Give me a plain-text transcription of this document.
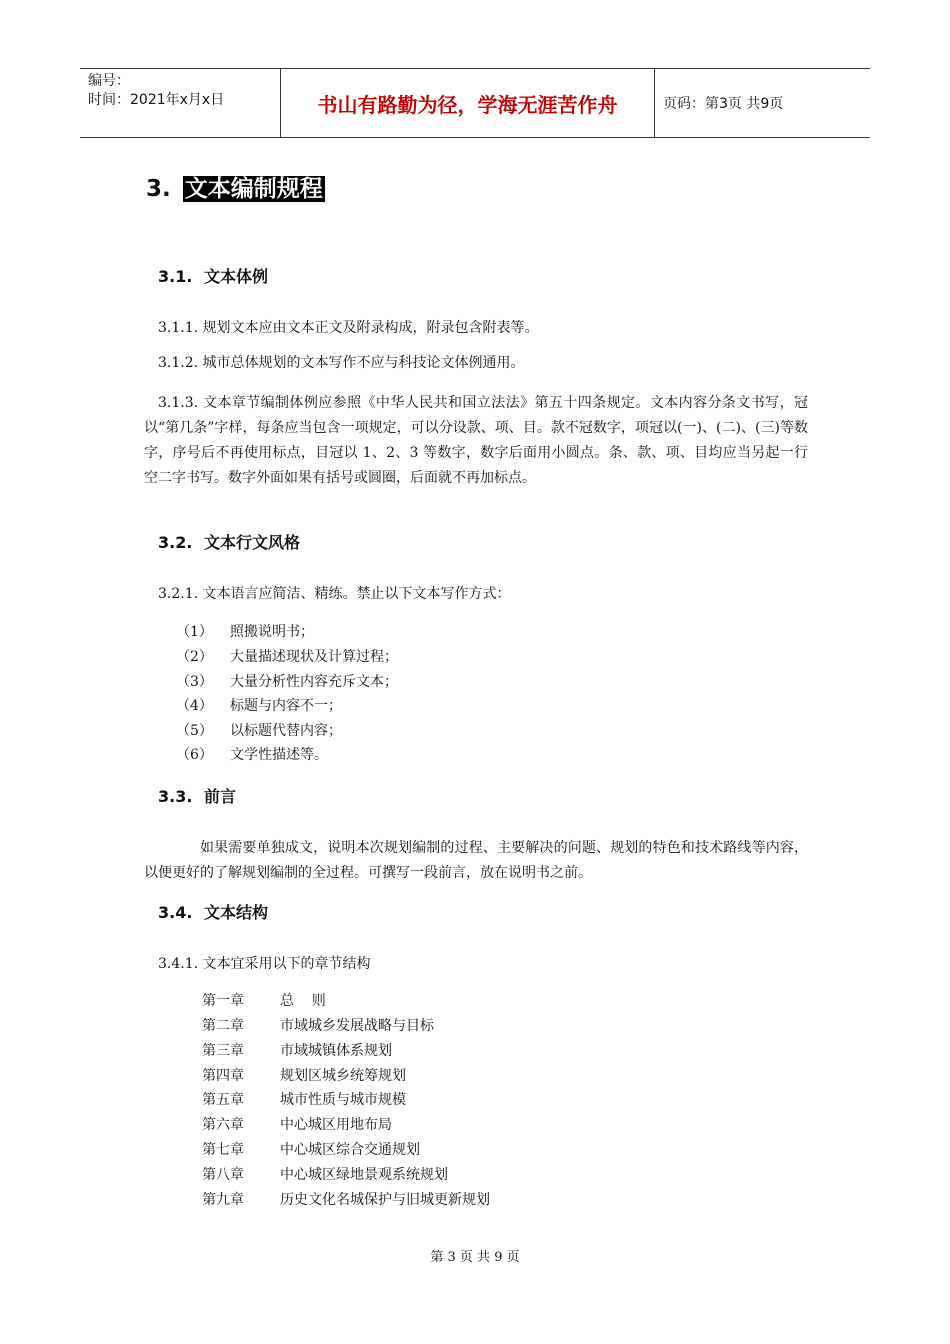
编号：
时间：2021年x月x日	书山有路勤为径，学海无涯苦作舟	页码：第3页 共9页
3. 文本编制规程
3.1. 文本体例
3.1.1. 规划文本应由文本正文及附录构成，附录包含附表等。
3.1.2. 城市总体规划的文本写作不应与科技论文体例通用。
3.1.3. 文本章节编制体例应参照《中华人民共和国立法法》第五十四条规定。文本内容分条文书写，冠以“第几条”字样，每条应当包含一项规定，可以分设款、项、目。款不冠数字，项冠以(一)、(二)、(三)等数字，序号后不再使用标点，目冠以 1、2、3 等数字，数字后面用小圆点。条、款、项、目均应当另起一行空二字书写。数字外面如果有括号或圆圈，后面就不再加标点。
3.2. 文本行文风格
3.2.1. 文本语言应简洁、精练。禁止以下文本写作方式：
（1） 照搬说明书；
（2） 大量描述现状及计算过程；
（3） 大量分析性内容充斥文本；
（4） 标题与内容不一；
（5） 以标题代替内容；
（6） 文学性描述等。
3.3. 前言
如果需要单独成文，说明本次规划编制的过程、主要解决的问题、规划的特色和技术路线等内容，以便更好的了解规划编制的全过程。可撰写一段前言，放在说明书之前。
3.4. 文本结构
3.4.1. 文本宜采用以下的章节结构
第一章	总    则
第二章	市域城乡发展战略与目标
第三章	市域城镇体系规划
第四章	规划区城乡统筹规划
第五章	城市性质与城市规模
第六章	中心城区用地布局
第七章	中心城区综合交通规划
第八章	中心城区绿地景观系统规划
第九章	历史文化名城保护与旧城更新规划
第 3 页 共 9 页
